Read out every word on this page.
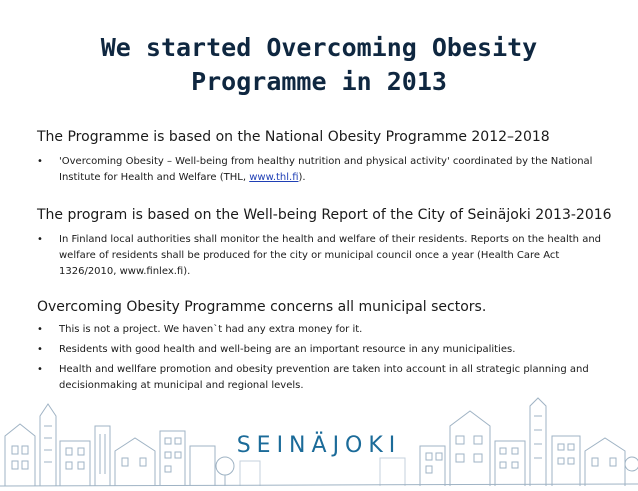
We started Overcoming Obesity
Programme in 2013
The Programme is based on the National Obesity Programme 2012–2018
• 'Overcoming Obesity – Well-being from healthy nutrition and physical activity' coordinated by the National Institute for Health and Welfare (THL, www.thl.fi).
The program is based on the Well-being Report of the City of Seinäjoki 2013-2016
• In Finland local authorities shall monitor the health and welfare of their residents. Reports on the health and welfare of residents shall be produced for the city or municipal council once a year (Health Care Act 1326/2010, www.finlex.fi).
Overcoming Obesity Programme concerns all municipal sectors.
• This is not a project. We haven`t had any extra money for it.
• Residents with good health and well-being are an important resource in any municipalities.
• Health and wellfare promotion and obesity prevention are taken into account in all strategic planning and decisionmaking at municipal and regional levels.
SEINÄJOKI
